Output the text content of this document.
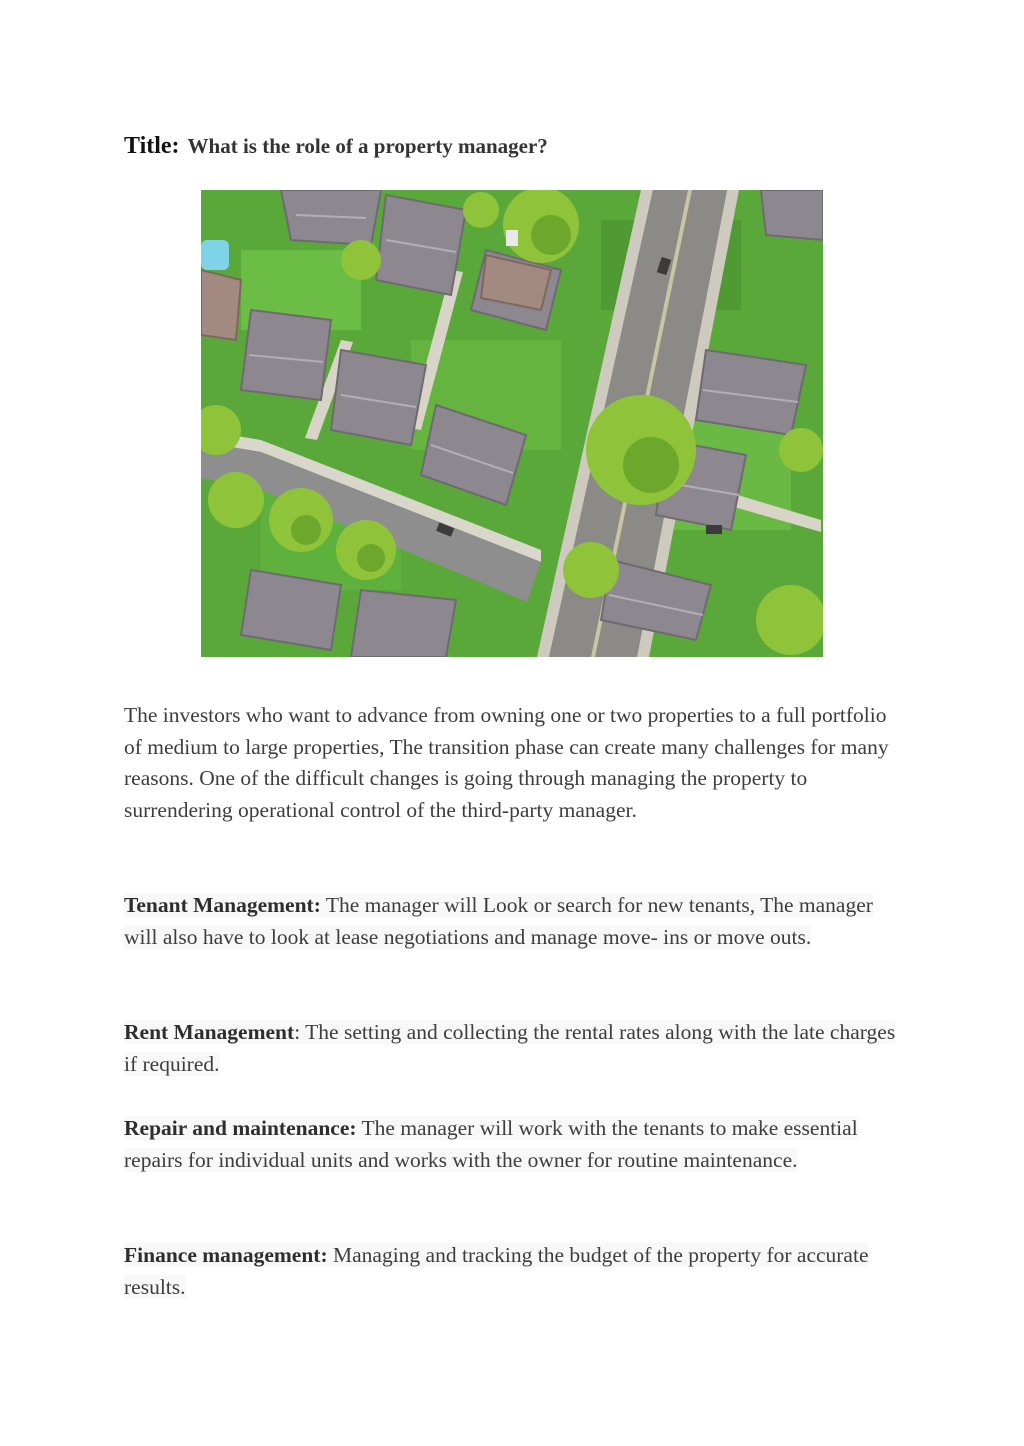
Title: What is the role of a property manager?

The investors who want to advance from owning one or two properties to a full portfolio of medium to large properties, The transition phase can create many challenges for many reasons. One of the difficult changes is going through managing the property to surrendering operational control of the third-party manager.

Tenant Management: The manager will Look or search for new tenants, The manager will also have to look at lease negotiations and manage move- ins or move outs.

Rent Management: The setting and collecting the rental rates along with the late charges if required.

Repair and maintenance: The manager will work with the tenants to make essential repairs for individual units and works with the owner for routine maintenance.

Finance management: Managing and tracking the budget of the property for accurate results.
